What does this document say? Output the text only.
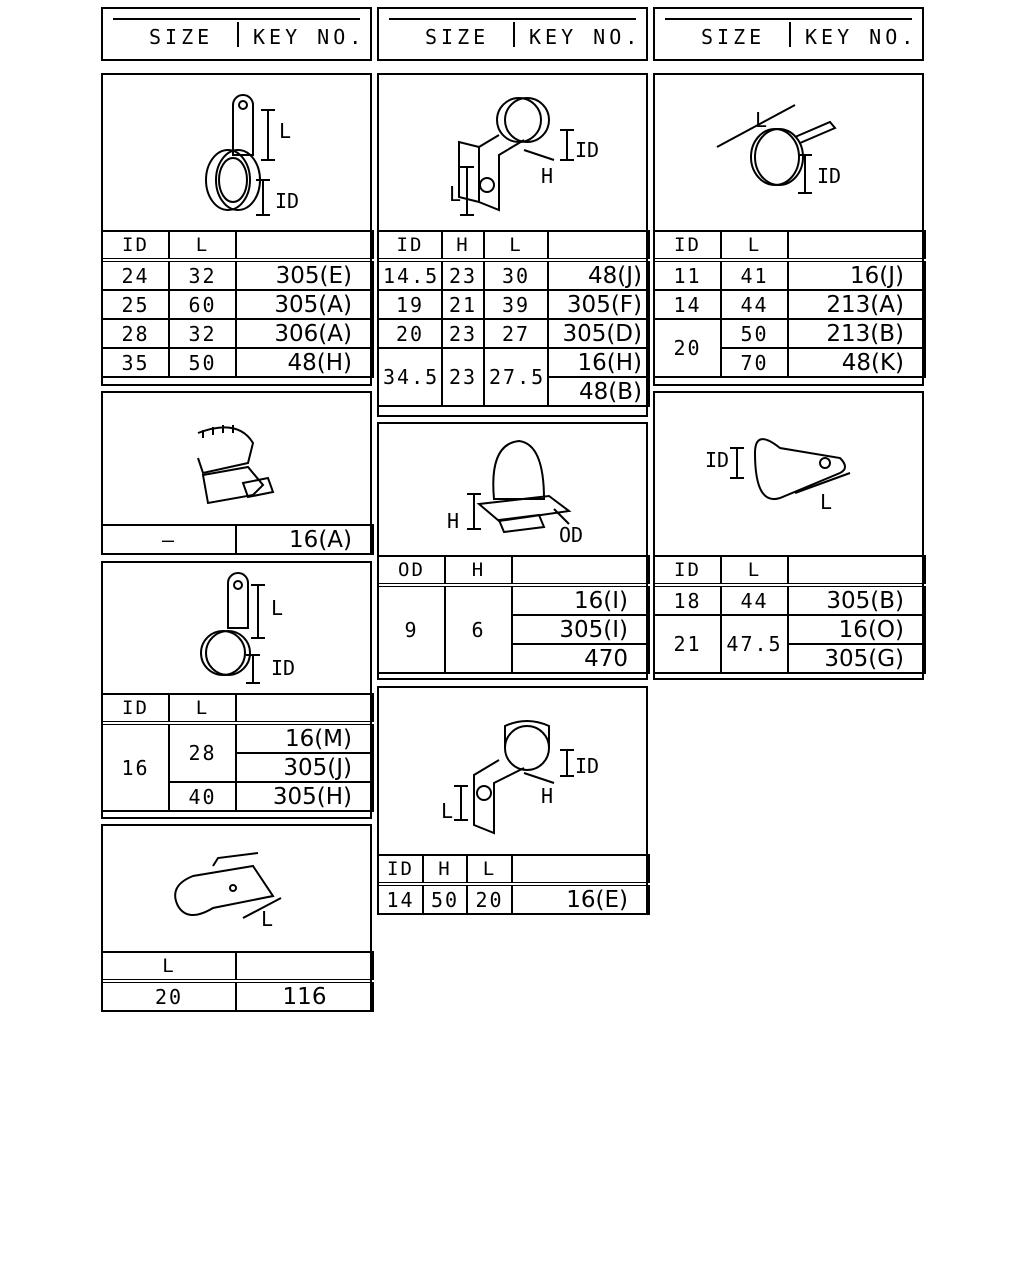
SIZE KEY NO.	SIZE KEY NO.	SIZE KEY NO.
L
ID
ID	L	
24	32	305(E)
25	60	305(A)
28	32	306(A)
35	50	48(H)
ID
H
L
ID	H	L	
14.5	23	30	48(J)
19	21	39	305(F)
20	23	27	305(D)
34.5	23	27.5	16(H)
			48(B)
L
ID
ID	L	
11	41	16(J)
14	44	213(A)
20	50	213(B)
	70	48(K)
—	16(A)
H
OD
OD	H	
9	6	16(I)
		305(I)
		470
ID
L
ID	L	
18	44	305(B)
21	47.5	16(O)
		305(G)
L
ID
ID	L	
16	28	16(M)
		305(J)
	40	305(H)
ID
H
L
ID	H	L	
14	50	20	16(E)
L
L	
20	116
